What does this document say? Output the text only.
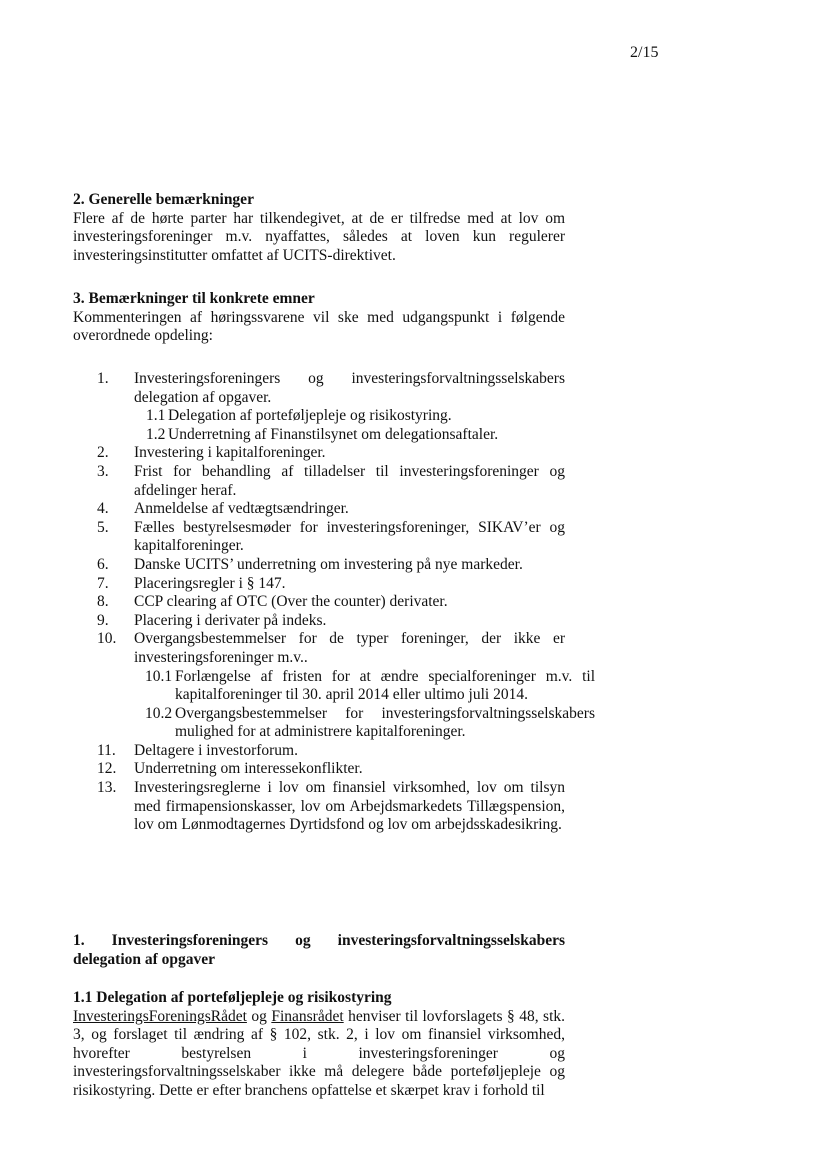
2/15
2. Generelle bemærkninger

Flere af de hørte parter har tilkendegivet, at de er tilfredse med at lov om investeringsforeninger m.v. nyaffattes, således at loven kun regulerer investeringsinstitutter omfattet af UCITS-direktivet.

3. Bemærkninger til konkrete emner

Kommenteringen af høringssvarene vil ske med udgangspunkt i følgende overordnede opdeling:

1. Investeringsforeningers og investeringsforvaltningsselskabers delegation af opgaver.
1.1 Delegation af porteføljepleje og risikostyring.
1.2 Underretning af Finanstilsynet om delegationsaftaler.
2. Investering i kapitalforeninger.
3. Frist for behandling af tilladelser til investeringsforeninger og afdelinger heraf.
4. Anmeldelse af vedtægtsændringer.
5. Fælles bestyrelsesmøder for investeringsforeninger, SIKAV’er og kapitalforeninger.
6. Danske UCITS’ underretning om investering på nye markeder.
7. Placeringsregler i § 147.
8. CCP clearing af OTC (Over the counter) derivater.
9. Placering i derivater på indeks.
10. Overgangsbestemmelser for de typer foreninger, der ikke er investeringsforeninger m.v..
10.1 Forlængelse af fristen for at ændre specialforeninger m.v. til kapitalforeninger til 30. april 2014 eller ultimo juli 2014.
10.2 Overgangsbestemmelser for investeringsforvaltningsselskabers mulighed for at administrere kapitalforeninger.
11. Deltagere i investorforum.
12. Underretning om interessekonflikter.
13. Investeringsreglerne i lov om finansiel virksomhed, lov om tilsyn med firmapensionskasser, lov om Arbejdsmarkedets Tillægspension, lov om Lønmodtagernes Dyrtidsfond og lov om arbejdsskadesikring.
1. Investeringsforeningers og investeringsforvaltningsselskabers delegation af opgaver
1.1 Delegation af porteføljepleje og risikostyring

InvesteringsForeningsRådet og Finansrådet henviser til lovforslagets § 48, stk. 3, og forslaget til ændring af § 102, stk. 2, i lov om finansiel virksomhed, hvorefter bestyrelsen i investeringsforeninger og investeringsforvaltningsselskaber ikke må delegere både porteføljepleje og risikostyring. Dette er efter branchens opfattelse et skærpet krav i forhold til
